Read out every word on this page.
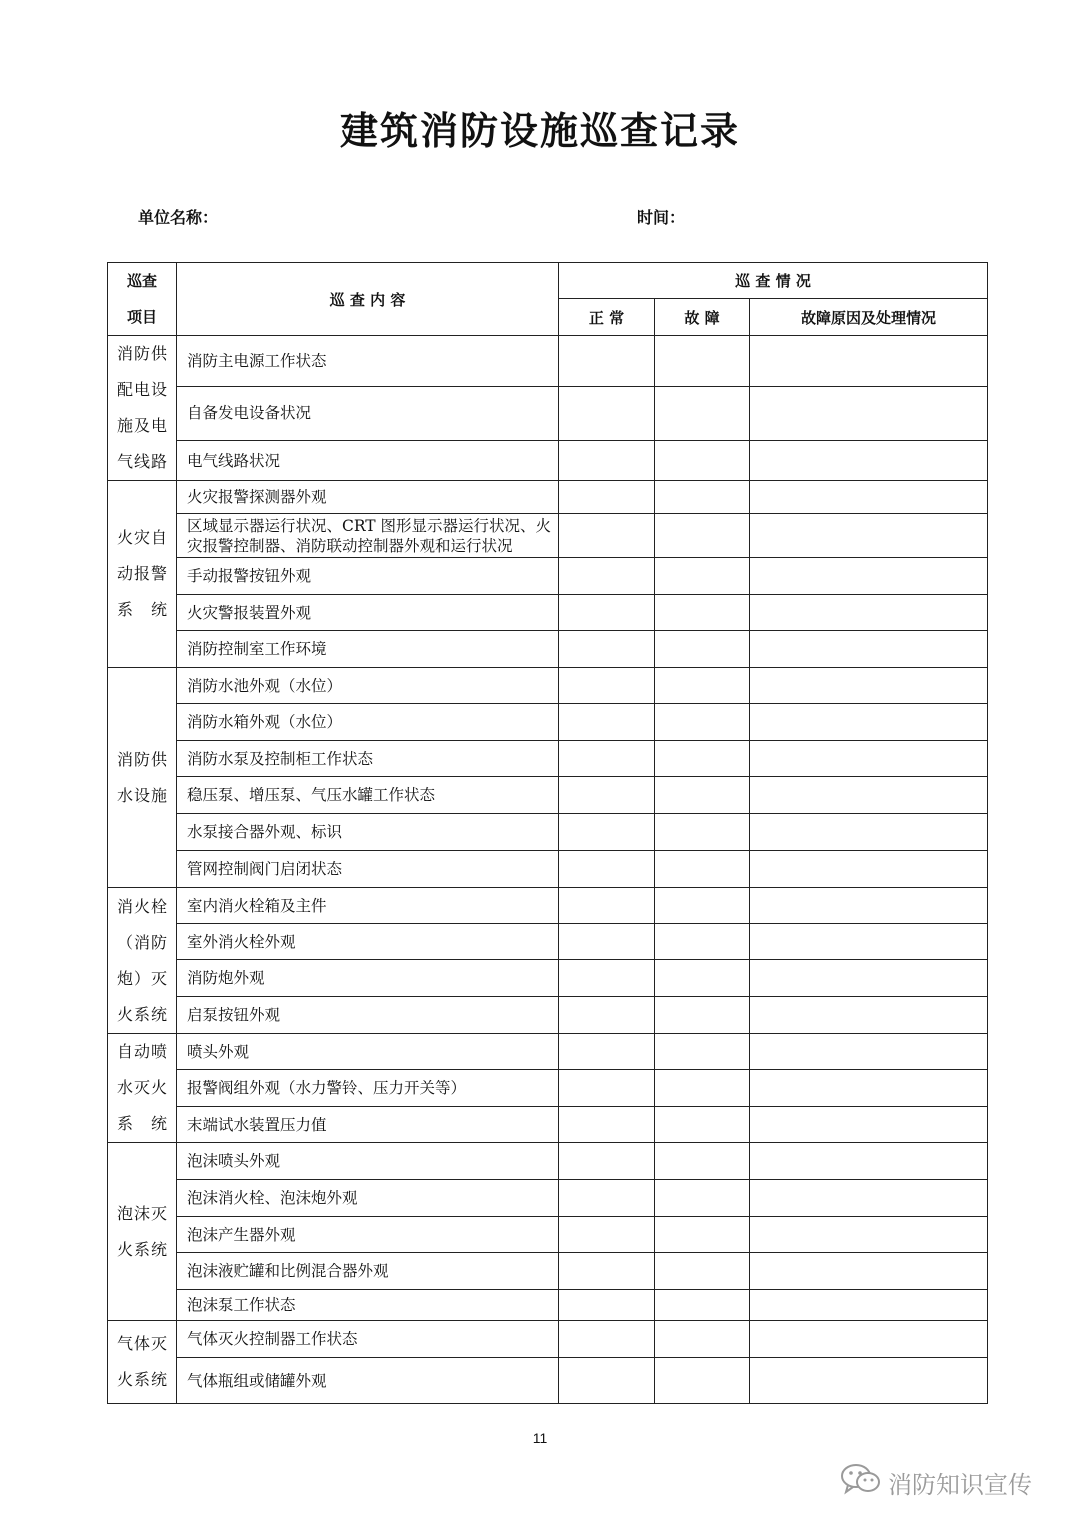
建筑消防设施巡查记录
单位名称：	时间：
巡查
项目	巡 查 内 容	巡 查 情 况		
		正 常	故 障	故障原因及处理情况
消防供配电设施及电气线路	消防主电源工作状态			
	自备发电设备状况			
	电气线路状况			
火灾自动报警系　统	火灾报警探测器外观			
	区域显示器运行状况、CRT 图形显示器运行状况、火灾报警控制器、消防联动控制器外观和运行状况			
	手动报警按钮外观			
	火灾警报装置外观			
	消防控制室工作环境			
消防供水设施	消防水池外观（水位）			
	消防水箱外观（水位）			
	消防水泵及控制柜工作状态			
	稳压泵、增压泵、气压水罐工作状态			
	水泵接合器外观、标识			
	管网控制阀门启闭状态			
消火栓（消防炮）灭火系统	室内消火栓箱及主件			
	室外消火栓外观			
	消防炮外观			
	启泵按钮外观			
自动喷水灭火系　统	喷头外观			
	报警阀组外观（水力警铃、压力开关等）			
	末端试水装置压力值			
泡沫灭火系统	泡沫喷头外观			
	泡沫消火栓、泡沫炮外观			
	泡沫产生器外观			
	泡沫液贮罐和比例混合器外观			
	泡沫泵工作状态			
气体灭火系统	气体灭火控制器工作状态			
	气体瓶组或储罐外观			
11
消防知识宣传
